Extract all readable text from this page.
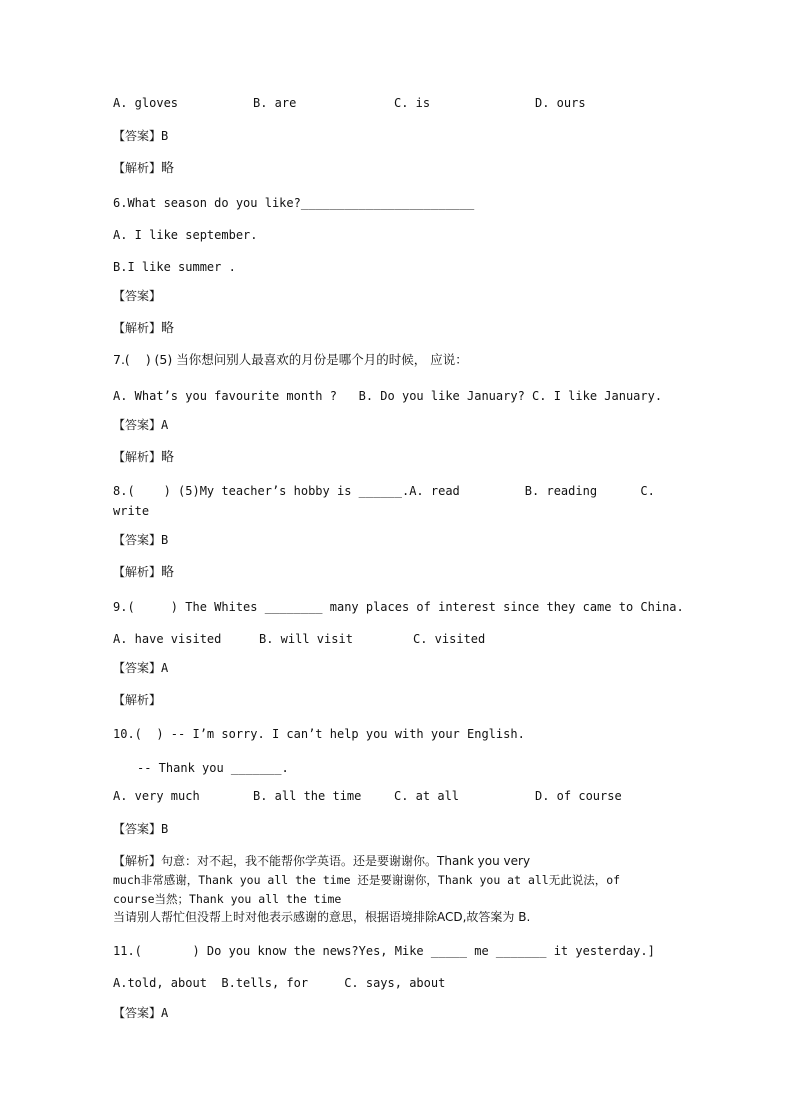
A. gloves	B. are	C. is	D. ours
【答案】B
【解析】略
6.What season do you like?________________________
A. I like september.
B.I like summer .
【答案】
【解析】略
7.(    ) (5) 当你想问别人最喜欢的月份是哪个月的时候， 应说：
A. What’s you favourite month ?   B. Do you like January? C. I like January.
【答案】A
【解析】略
8.(    ) (5)My teacher’s hobby is ______.A. read         B. reading      C.
write
【答案】B
【解析】略
9.(     ) The Whites ________ many places of interest since they came to China.
A. have visited	B. will visit	C. visited
【答案】A
【解析】
10.(  ) -- I’m sorry. I can’t help you with your English.
-- Thank you _______.
A. very much	B. all the time	C. at all	D. of course
【答案】B
【解析】句意：对不起，我不能帮你学英语。还是要谢谢你。Thank you very
much非常感谢，Thank you all the time 还是要谢谢你，Thank you at all无此说法，of
course当然；Thank you all the time
当请别人帮忙但没帮上时对他表示感谢的意思，根据语境排除ACD,故答案为 B.
11.(       ) Do you know the news?Yes, Mike _____ me _______ it yesterday.]
A.told, about  B.tells, for     C. says, about
【答案】A
